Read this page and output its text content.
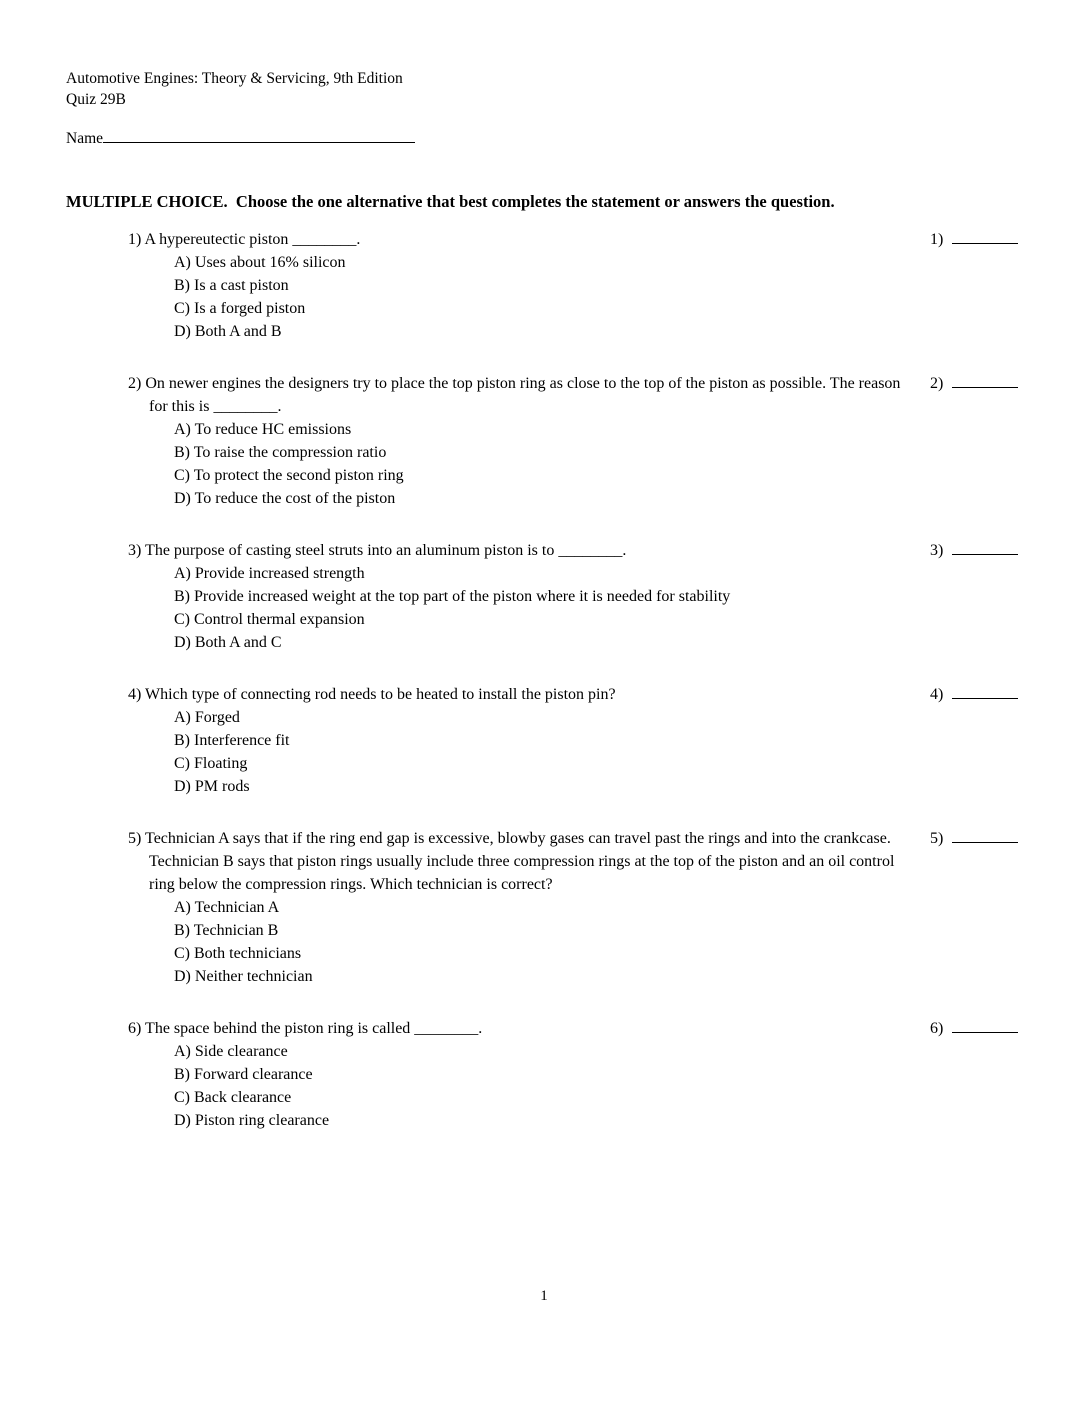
Automotive Engines: Theory & Servicing, 9th Edition
Quiz 29B
Name
MULTIPLE CHOICE.  Choose the one alternative that best completes the statement or answers the question.

1) A hypereutectic piston ________.

A) Uses about 16% silicon
B) Is a cast piston
C) Is a forged piston
D) Both A and B
1)

2) On newer engines the designers try to place the top piston ring as close to the top of the piston as possible. The reason for this is ________.

A) To reduce HC emissions
B) To raise the compression ratio
C) To protect the second piston ring
D) To reduce the cost of the piston
2)

3) The purpose of casting steel struts into an aluminum piston is to ________.

A) Provide increased strength
B) Provide increased weight at the top part of the piston where it is needed for stability
C) Control thermal expansion
D) Both A and C
3)

4) Which type of connecting rod needs to be heated to install the piston pin?

A) Forged
B) Interference fit
C) Floating
D) PM rods
4)

5) Technician A says that if the ring end gap is excessive, blowby gases can travel past the rings and into the crankcase. Technician B says that piston rings usually include three compression rings at the top of the piston and an oil control ring below the compression rings. Which technician is correct?

A) Technician A
B) Technician B
C) Both technicians
D) Neither technician
5)

6) The space behind the piston ring is called ________.

A) Side clearance
B) Forward clearance
C) Back clearance
D) Piston ring clearance
6)
1
